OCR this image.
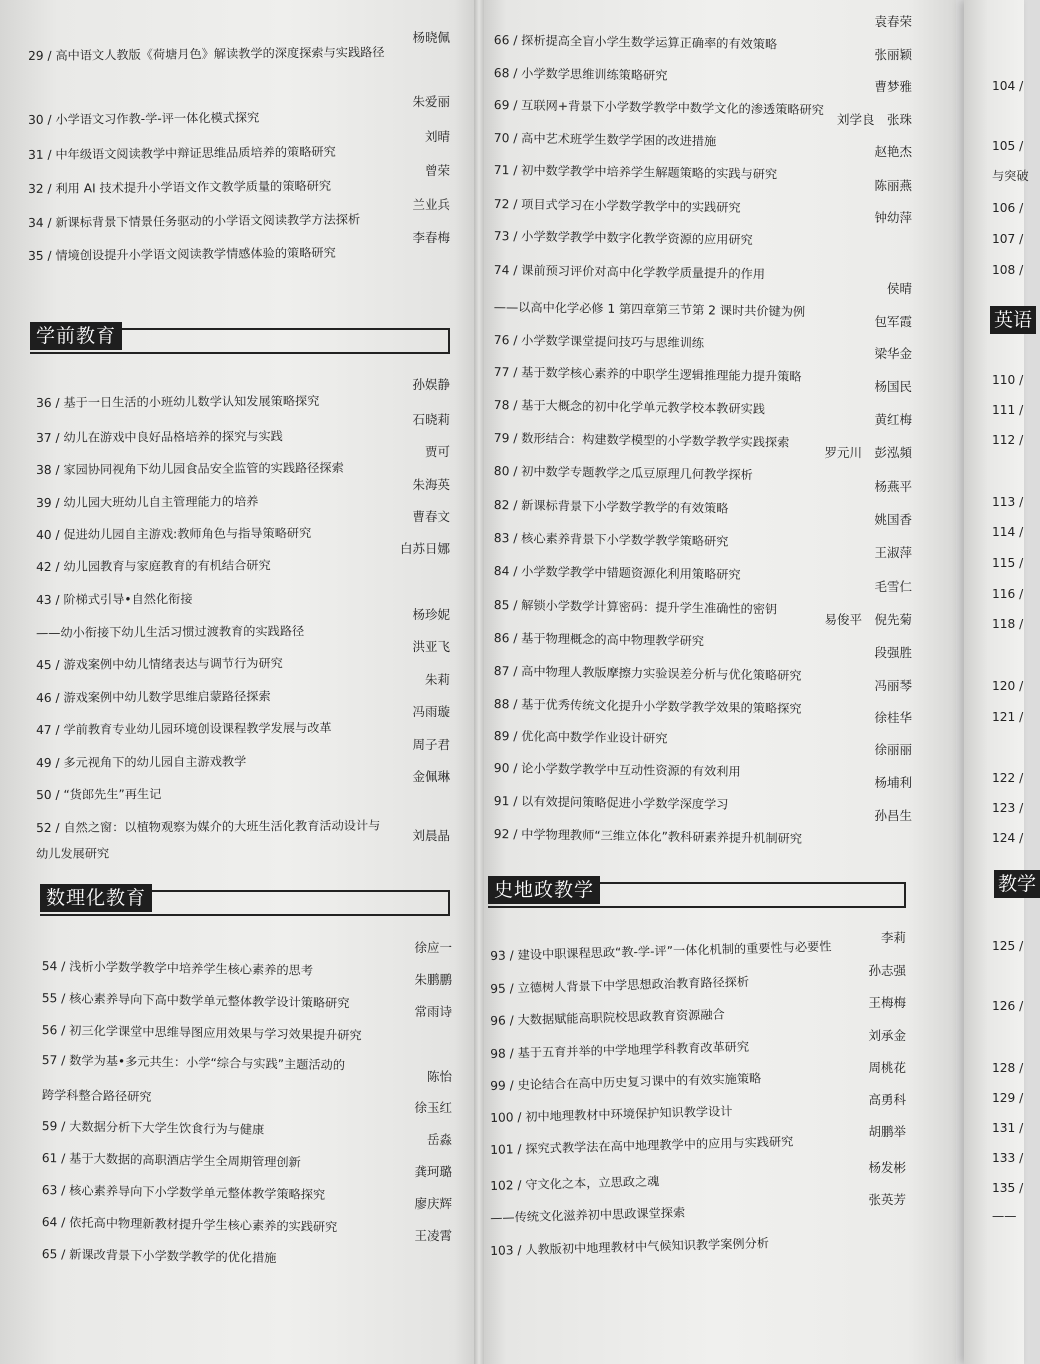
29 / 高中语文人教版《荷塘月色》解读教学的深度探索与实践路径
杨晓佩
30 / 小学语文习作教-学-评一体化模式探究
朱爱丽
31 / 中年级语文阅读教学中辩证思维品质培养的策略研究
刘晴
32 / 利用 AI 技术提升小学语文作文教学质量的策略研究
曾荣
34 / 新课标背景下情景任务驱动的小学语文阅读教学方法探析
兰业兵
35 / 情境创设提升小学语文阅读教学情感体验的策略研究
李春梅
学前教育
36 / 基于一日生活的小班幼儿数学认知发展策略探究
孙娱静
37 / 幼儿在游戏中良好品格培养的探究与实践
石晓莉
38 / 家园协同视角下幼儿园食品安全监管的实践路径探索
贾可
39 / 幼儿园大班幼儿自主管理能力的培养
朱海英
40 / 促进幼儿园自主游戏:教师角色与指导策略研究
曹春文
42 / 幼儿园教育与家庭教育的有机结合研究
白苏日娜
43 / 阶梯式引导•自然化衔接
——幼小衔接下幼儿生活习惯过渡教育的实践路径
杨珍妮
45 / 游戏案例中幼儿情绪表达与调节行为研究
洪亚飞
46 / 游戏案例中幼儿数学思维启蒙路径探索
朱莉
47 / 学前教育专业幼儿园环境创设课程教学发展与改革
冯雨璇
49 / 多元视角下的幼儿园自主游戏教学
周子君
50 / “货郎先生”再生记
金佩琳
52 / 自然之窗：以植物观察为媒介的大班生活化教育活动设计与
幼儿发展研究
刘晨晶
数理化教育
54 / 浅析小学数学教学中培养学生核心素养的思考
徐应一
55 / 核心素养导向下高中数学单元整体教学设计策略研究
朱鹏鹏
56 / 初三化学课堂中思维导图应用效果与学习效果提升研究
常雨诗
57 / 数学为基•多元共生：小学“综合与实践”主题活动的
跨学科整合路径研究
陈怡
59 / 大数据分析下大学生饮食行为与健康
徐玉红
61 / 基于大数据的高职酒店学生全周期管理创新
岳淼
63 / 核心素养导向下小学数学单元整体教学策略探究
龚珂璐
64 / 依托高中物理新教材提升学生核心素养的实践研究
廖庆辉
65 / 新课改背景下小学数学教学的优化措施
王凌霄
66 / 探析提高全盲小学生数学运算正确率的有效策略
袁春荣
68 / 小学数学思维训练策略研究
张丽颖
69 / 互联网+背景下小学数学教学中数学文化的渗透策略研究
曹梦雅
70 / 高中艺术班学生数学学困的改进措施
刘学良　张珠
71 / 初中数学教学中培养学生解题策略的实践与研究
赵艳杰
72 / 项目式学习在小学数学教学中的实践研究
陈丽燕
73 / 小学数学教学中数字化教学资源的应用研究
钟幼萍
74 / 课前预习评价对高中化学教学质量提升的作用
——以高中化学必修 1 第四章第三节第 2 课时共价键为例
侯晴
76 / 小学数学课堂提问技巧与思维训练
包军霞
77 / 基于数学核心素养的中职学生逻辑推理能力提升策略
梁华金
78 / 基于大概念的初中化学单元教学校本教研实践
杨国民
79 / 数形结合：构建数学模型的小学数学教学实践探索
黄红梅
80 / 初中数学专题教学之瓜豆原理几何教学探析
罗元川　彭泓頻
82 / 新课标背景下小学数学教学的有效策略
杨燕平
83 / 核心素养背景下小学数学教学策略研究
姚国香
84 / 小学数学教学中错题资源化利用策略研究
王淑萍
85 / 解锁小学数学计算密码：提升学生准确性的密钥
毛雪仁
86 / 基于物理概念的高中物理教学研究
易俊平　倪先菊
87 / 高中物理人教版摩擦力实验误差分析与优化策略研究
段强胜
88 / 基于优秀传统文化提升小学数学教学效果的策略探究
冯丽琴
89 / 优化高中数学作业设计研究
徐桂华
90 / 论小学数学教学中互动性资源的有效利用
徐丽丽
91 / 以有效提问策略促进小学数学深度学习
杨埔利
92 / 中学物理教师“三维立体化”教科研素养提升机制研究
孙昌生
史地政教学
93 / 建设中职课程思政“教-学-评”一体化机制的重要性与必要性
李莉
95 / 立德树人背景下中学思想政治教育路径探析
孙志强
96 / 大数据赋能高职院校思政教育资源融合
王梅梅
98 / 基于五育并举的中学地理学科教育改革研究
刘承金
99 / 史论结合在高中历史复习课中的有效实施策略
周桃花
100 / 初中地理教材中环境保护知识教学设计
高勇科
101 / 探究式教学法在高中地理教学中的应用与实践研究
胡鹏举
102 / 守文化之本，立思政之魂
杨发彬
——传统文化滋养初中思政课堂探索
张英芳
103 / 人教版初中地理教材中气候知识教学案例分析
104 /
105 /
与突破
106 /
107 /
108 /
英语
110 /
111 /
112 /
113 /
114 /
115 /
116 /
118 /
120 /
121 /
122 /
123 /
124 /
教学
125 /
126 /
128 /
129 /
131 /
133 /
135 /
——
